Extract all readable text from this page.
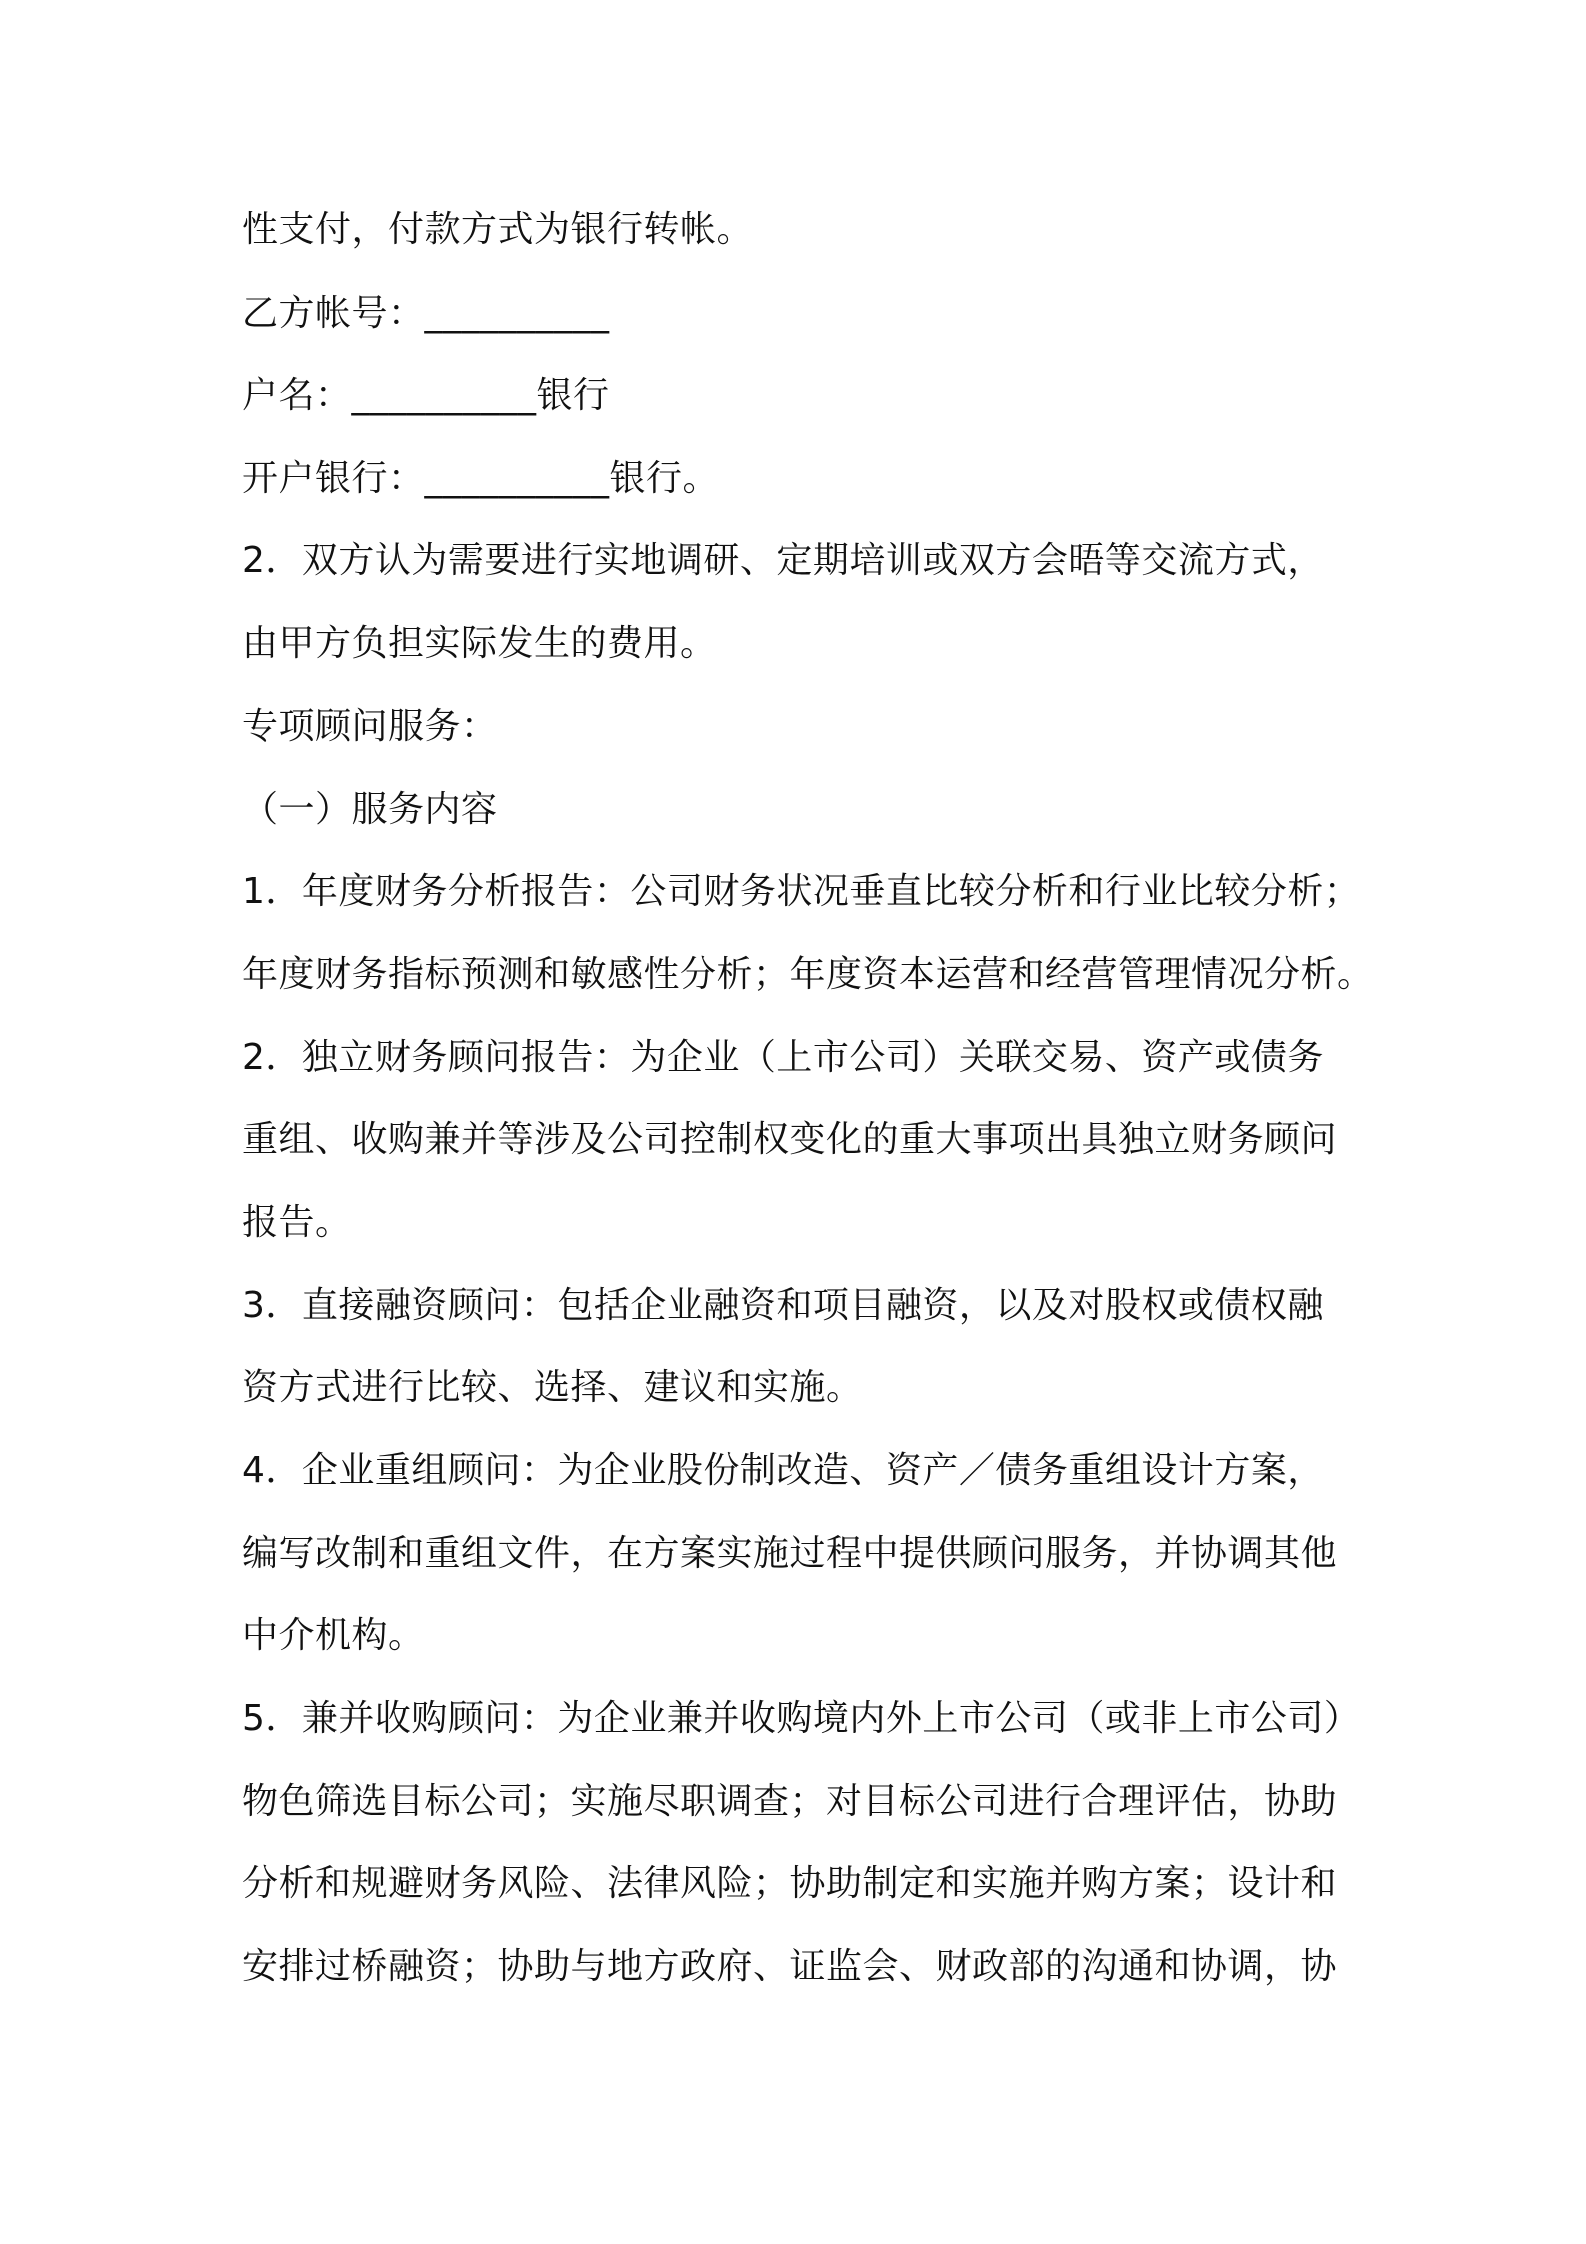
性支付，付款方式为银行转帐。
乙方帐号：__________
户名：__________银行
开户银行：__________银行。
2．双方认为需要进行实地调研、定期培训或双方会晤等交流方式，
由甲方负担实际发生的费用。
专项顾问服务：
（一）服务内容
1．年度财务分析报告：公司财务状况垂直比较分析和行业比较分析；
年度财务指标预测和敏感性分析；年度资本运营和经营管理情况分析。
2．独立财务顾问报告：为企业（上市公司）关联交易、资产或债务
重组、收购兼并等涉及公司控制权变化的重大事项出具独立财务顾问
报告。
3．直接融资顾问：包括企业融资和项目融资，以及对股权或债权融
资方式进行比较、选择、建议和实施。
4．企业重组顾问：为企业股份制改造、资产／债务重组设计方案，
编写改制和重组文件，在方案实施过程中提供顾问服务，并协调其他
中介机构。
5．兼并收购顾问：为企业兼并收购境内外上市公司（或非上市公司）
物色筛选目标公司；实施尽职调查；对目标公司进行合理评估，协助
分析和规避财务风险、法律风险；协助制定和实施并购方案；设计和
安排过桥融资；协助与地方政府、证监会、财政部的沟通和协调，协
